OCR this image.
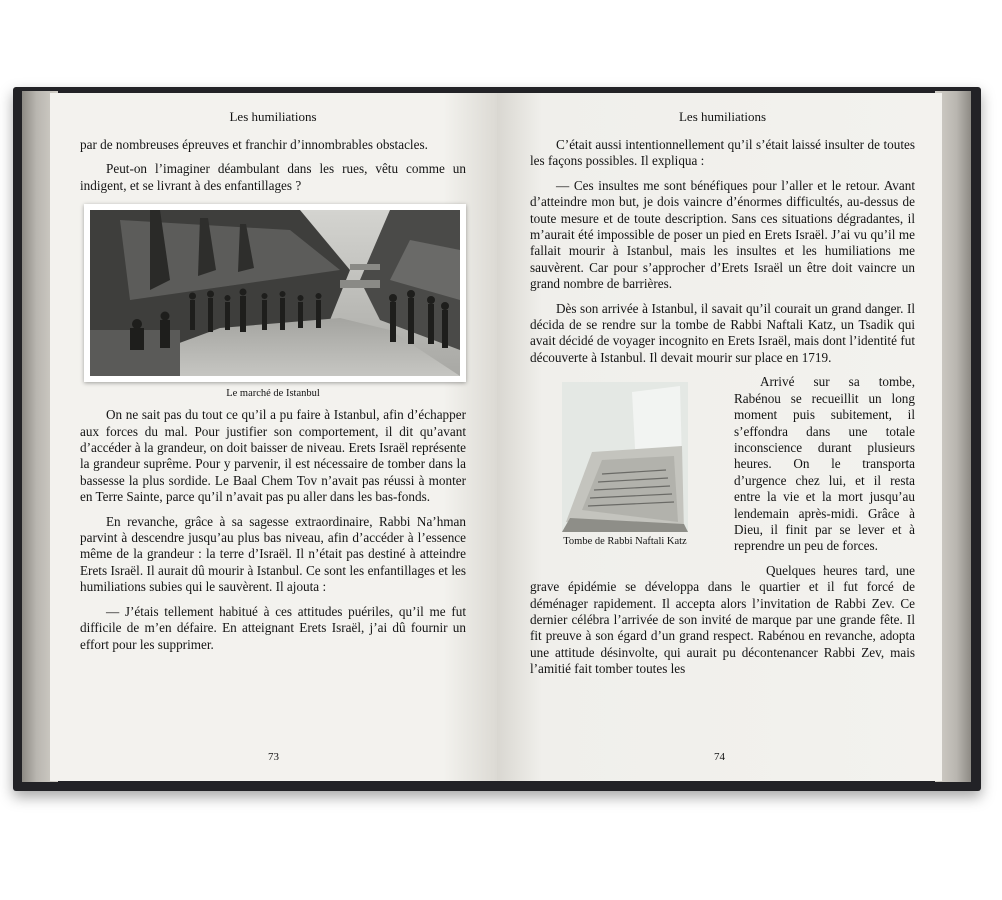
Les humiliations

par de nombreuses épreuves et franchir d’innombrables obstacles.

Peut-on l’imaginer déambulant dans les rues, vêtu comme un indigent, et se livrant à des enfantillages ?

Le marché de Istanbul

On ne sait pas du tout ce qu’il a pu faire à Istanbul, afin d’échapper aux forces du mal. Pour justifier son comportement, il dit qu’avant d’accéder à la grandeur, on doit baisser de niveau. Erets Israël représente la grandeur suprême. Pour y parvenir, il est nécessaire de tomber dans la bassesse la plus sordide. Le Baal Chem Tov n’avait pas réussi à monter en Terre Sainte, parce qu’il n’avait pas pu aller dans les bas-fonds.

En revanche, grâce à sa sagesse extraordinaire, Rabbi Na’hman parvint à descendre jusqu’au plus bas niveau, afin d’accéder à l’essence même de la grandeur : la terre d’Israël. Il n’était pas destiné à atteindre Erets Israël. Il aurait dû mourir à Istanbul. Ce sont les enfantillages et les humiliations subies qui le sauvèrent. Il ajouta :

— J’étais tellement habitué à ces attitudes puériles, qu’il me fut difficile de m’en défaire. En atteignant Erets Israël, j’ai dû fournir un effort pour les supprimer.

73
Les humiliations

C’était aussi intentionnellement qu’il s’était laissé insulter de toutes les façons possibles. Il expliqua :

— Ces insultes me sont bénéfiques pour l’aller et le retour. Avant d’atteindre mon but, je dois vaincre d’énormes difficultés, au-dessus de toute mesure et de toute description. Sans ces situations dégradantes, il m’aurait été impossible de poser un pied en Erets Israël. J’ai vu qu’il me fallait mourir à Istanbul, mais les insultes et les humiliations me sauvèrent. Car pour s’approcher d’Erets Israël un être doit vaincre un grand nombre de barrières.

Dès son arrivée à Istanbul, il savait qu’il courait un grand danger. Il décida de se rendre sur la tombe de Rabbi Naftali Katz, un Tsadik qui avait décidé de voyager incognito en Erets Israël, mais dont l’identité fut découverte à Istanbul. Il devait mourir sur place en 1719.

Tombe de Rabbi Naftali Katz

Arrivé sur sa tombe, Rabénou se recueillit un long moment puis subitement, il s’effondra dans une totale inconscience durant plusieurs heures. On le transporta d’urgence chez lui, et il resta entre la vie et la mort jusqu’au lendemain après-midi. Grâce à Dieu, il finit par se lever et à reprendre un peu de forces.

Quelques heures tard, une grave épidémie se développa dans le quartier et il fut forcé de déménager rapidement. Il accepta alors l’invitation de Rabbi Zev. Ce dernier célébra l’arrivée de son invité de marque par une grande fête. Il fit preuve à son égard d’un grand respect. Rabénou en revanche, adopta une attitude désinvolte, qui aurait pu décontenancer Rabbi Zev, mais l’amitié fait tomber toutes les

74
